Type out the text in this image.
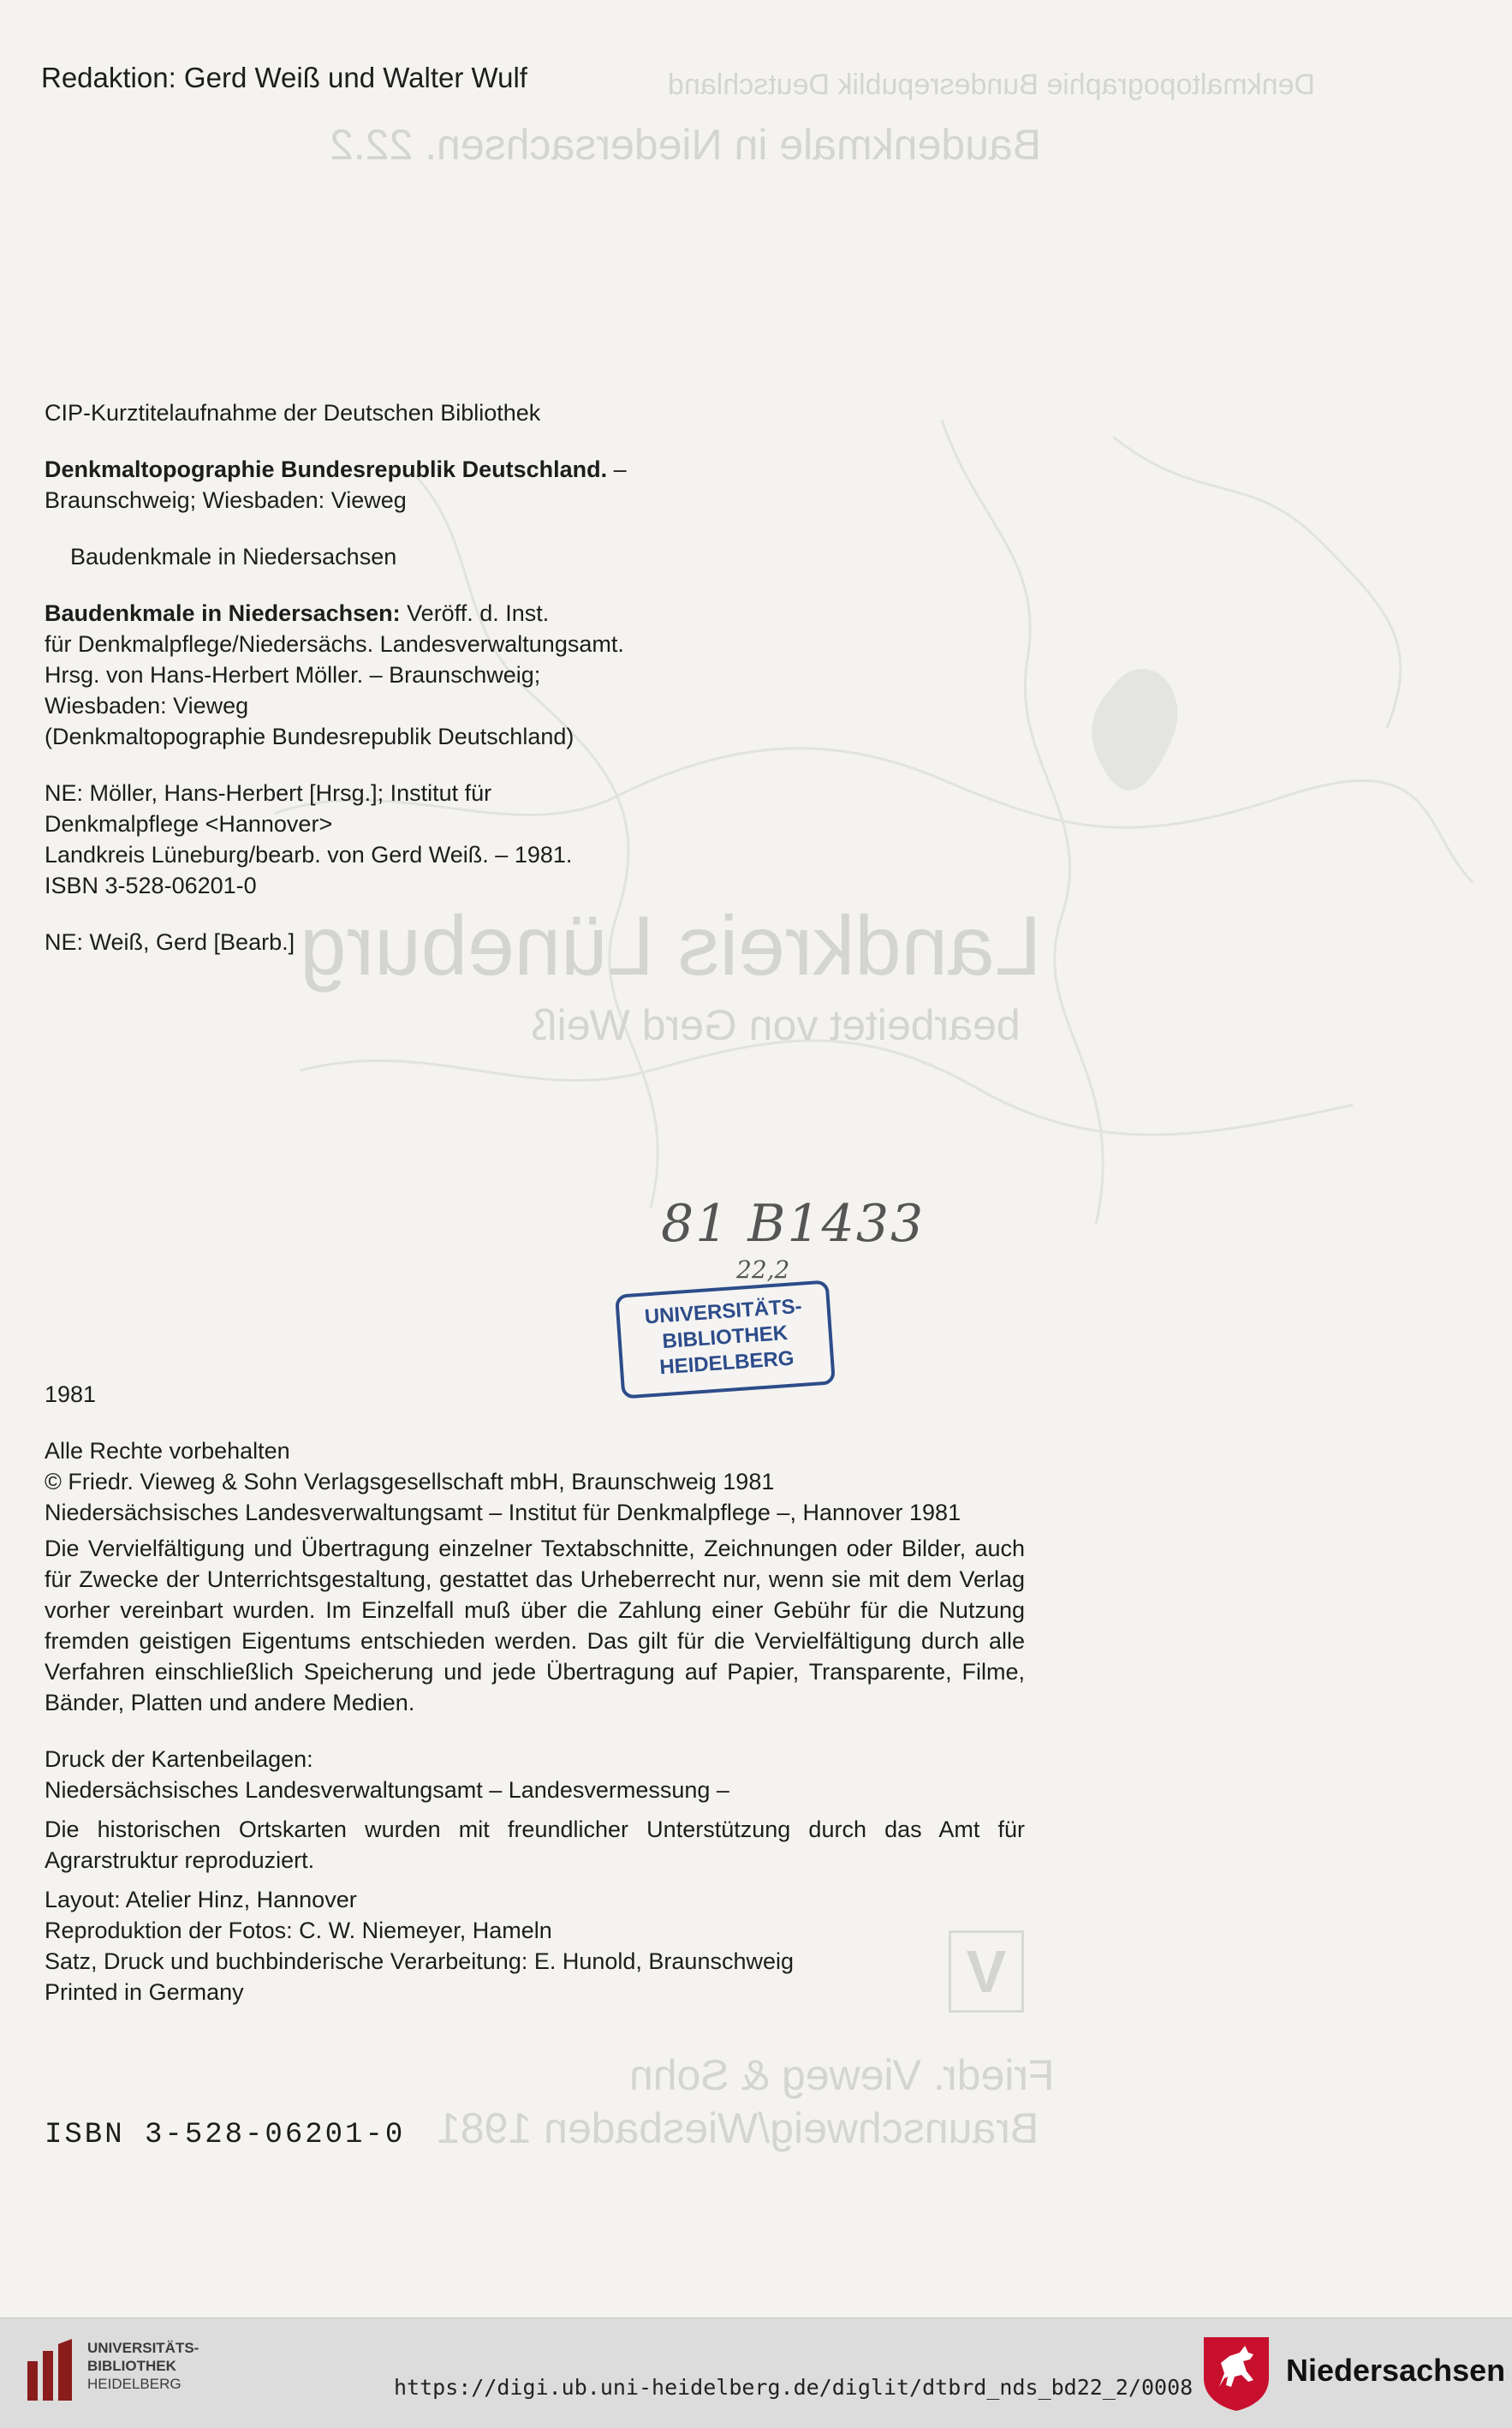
Denkmaltopographie Bundesrepublik Deutschland
Baudenkmale in Niedersachsen. 22.2
Landkreis Lüneburg
bearbeitet von Gerd Weiß
V
Friedr. Vieweg & Sohn
Braunschweig/Wiesbaden 1981
Redaktion: Gerd Weiß und Walter Wulf

CIP-Kurztitelaufnahme der Deutschen Bibliothek

Denkmaltopographie Bundesrepublik Deutschland. –

Braunschweig; Wiesbaden: Vieweg

Baudenkmale in Niedersachsen

Baudenkmale in Niedersachsen: Veröff. d. Inst.

für Denkmalpflege/Niedersächs. Landesverwaltungsamt.

Hrsg. von Hans-Herbert Möller. – Braunschweig;

Wiesbaden: Vieweg

(Denkmaltopographie Bundesrepublik Deutschland)

NE: Möller, Hans-Herbert [Hrsg.]; Institut für

Denkmalpflege <Hannover>

Landkreis Lüneburg/bearb. von Gerd Weiß. – 1981.

ISBN 3-528-06201-0

NE: Weiß, Gerd [Bearb.]

81 B1433
22,2
UNIVERSITÄTS-
BIBLIOTHEK
HEIDELBERG

1981

Alle Rechte vorbehalten

© Friedr. Vieweg & Sohn Verlagsgesellschaft mbH, Braunschweig 1981

Niedersächsisches Landesverwaltungsamt – Institut für Denkmalpflege –, Hannover 1981

Die Vervielfältigung und Übertragung einzelner Textabschnitte, Zeichnungen oder Bilder, auch für Zwecke der Unterrichtsgestaltung, gestattet das Urheberrecht nur, wenn sie mit dem Verlag vorher vereinbart wurden. Im Einzelfall muß über die Zahlung einer Gebühr für die Nutzung fremden geistigen Eigentums entschieden werden. Das gilt für die Vervielfältigung durch alle Verfahren einschließlich Speicherung und jede Übertragung auf Papier, Transparente, Filme, Bänder, Platten und andere Medien.

Druck der Kartenbeilagen:

Niedersächsisches Landesverwaltungsamt – Landesvermessung –

Die historischen Ortskarten wurden mit freundlicher Unterstützung durch das Amt für Agrarstruktur reproduziert.

Layout: Atelier Hinz, Hannover

Reproduktion der Fotos: C. W. Niemeyer, Hameln

Satz, Druck und buchbinderische Verarbeitung: E. Hunold, Braunschweig

Printed in Germany

ISBN 3-528-06201-0
UNIVERSITÄTS-
BIBLIOTHEK
HEIDELBERG	https://digi.ub.uni-heidelberg.de/diglit/dtbrd_nds_bd22_2/0008	Niedersachsen
